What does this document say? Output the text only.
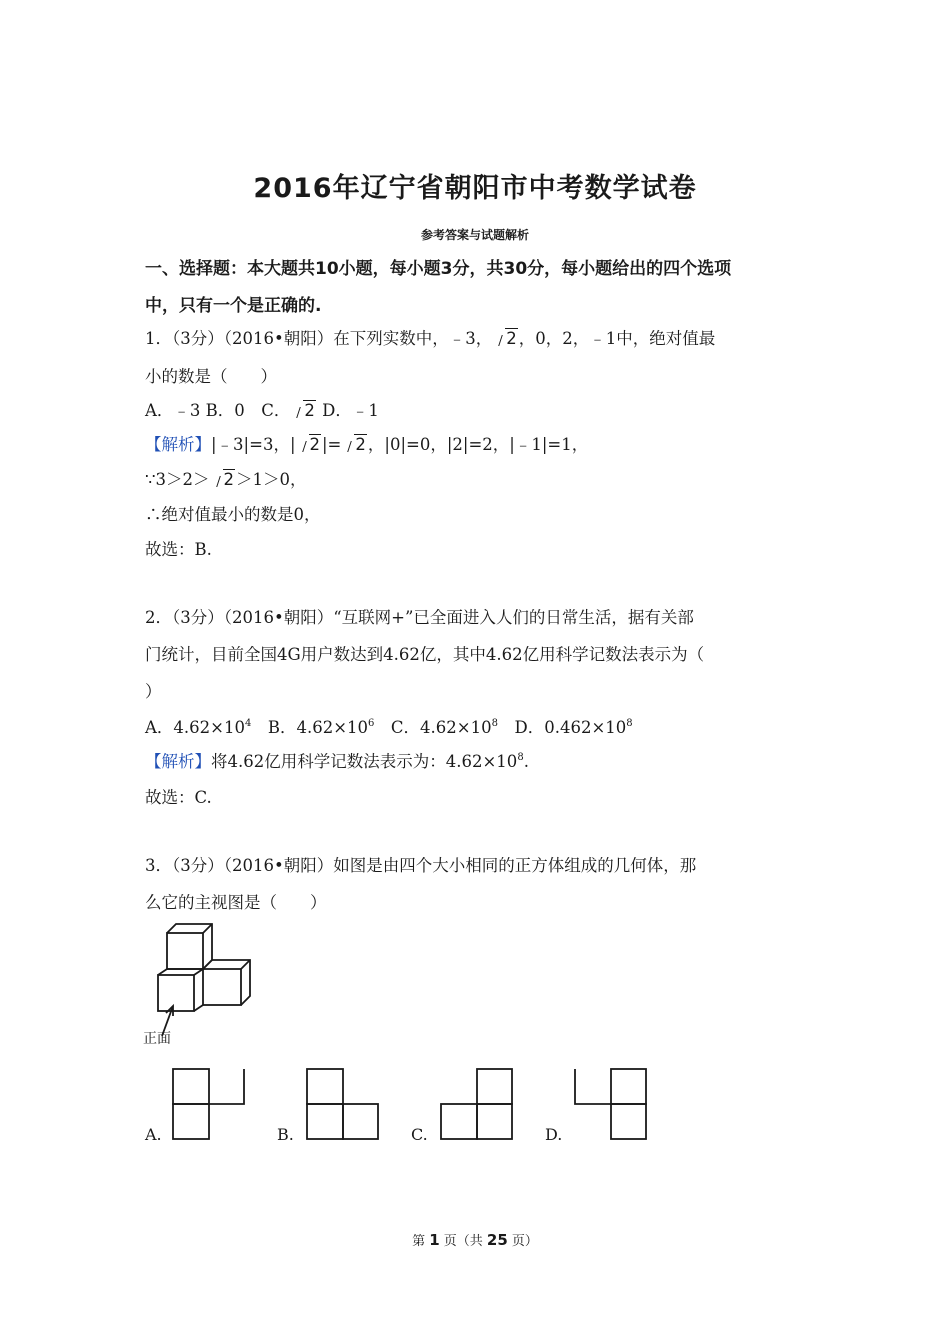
2016年辽宁省朝阳市中考数学试卷
参考答案与试题解析
一、选择题：本大题共10小题，每小题3分，共30分，每小题给出的四个选项
中，只有一个是正确的.
1．（3分）（2016•朝阳）在下列实数中，﹣3， 2 ，0，2，﹣1中，绝对值最
小的数是（　　）
A．﹣3 B．0　C． 2 D．﹣1
【解析】|﹣3|=3，| 2 |= 2 ，|0|=0，|2|=2，|﹣1|=1，
∵3＞2＞ 2 ＞1＞0，
∴绝对值最小的数是0，
故选：B.
2．（3分）（2016•朝阳）“互联网+”已全面进入人们的日常生活，据有关部
门统计，目前全国4G用户数达到4.62亿，其中4.62亿用科学记数法表示为（
）
A．$4.62\times 10^4$　B．$4.62\times 10^6$　C．$4.62\times 10^8$　D．$0.462\times 10^8$
【解析】将4.62亿用科学记数法表示为：$4.62\times 10^8$.
故选：C.
3．（3分）（2016•朝阳）如图是由四个大小相同的正方体组成的几何体，那
么它的主视图是（　　）
正面
A.	B.	C.	D.
第 1 页（共 25 页）
